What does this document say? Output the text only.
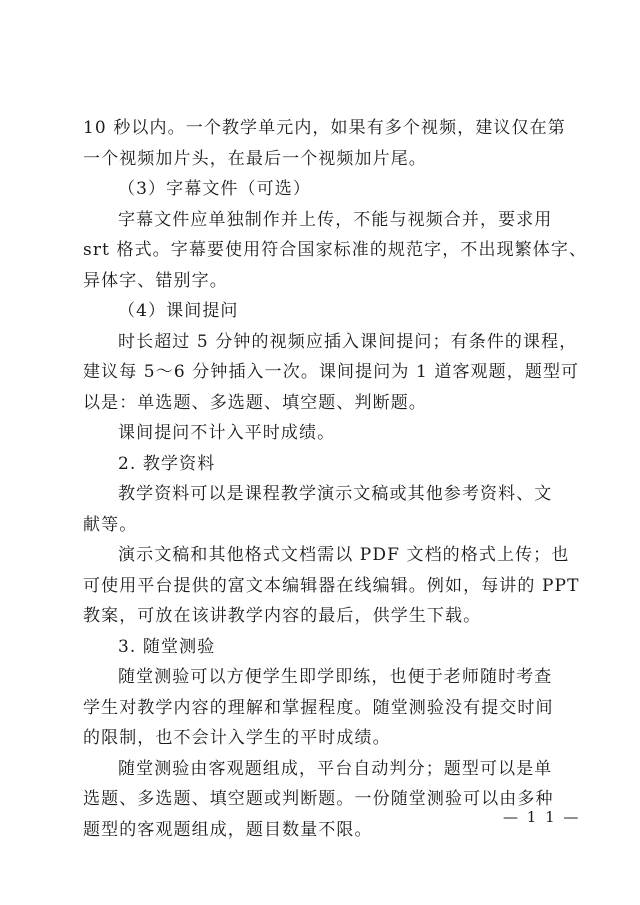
10 秒以内。一个教学单元内，如果有多个视频，建议仅在第
一个视频加片头，在最后一个视频加片尾。
（3）字幕文件（可选）
字幕文件应单独制作并上传，不能与视频合并，要求用
srt 格式。字幕要使用符合国家标准的规范字，不出现繁体字、
异体字、错别字。
（4）课间提问
时长超过 5 分钟的视频应插入课间提问；有条件的课程，
建议每 5～6 分钟插入一次。课间提问为 1 道客观题，题型可
以是：单选题、多选题、填空题、判断题。
课间提问不计入平时成绩。
2. 教学资料
教学资料可以是课程教学演示文稿或其他参考资料、文
献等。
演示文稿和其他格式文档需以 PDF 文档的格式上传；也
可使用平台提供的富文本编辑器在线编辑。例如，每讲的 PPT
教案，可放在该讲教学内容的最后，供学生下载。
3. 随堂测验
随堂测验可以方便学生即学即练，也便于老师随时考查
学生对教学内容的理解和掌握程度。随堂测验没有提交时间
的限制，也不会计入学生的平时成绩。
随堂测验由客观题组成，平台自动判分；题型可以是单
选题、多选题、填空题或判断题。一份随堂测验可以由多种
题型的客观题组成，题目数量不限。
— 1 1 —
